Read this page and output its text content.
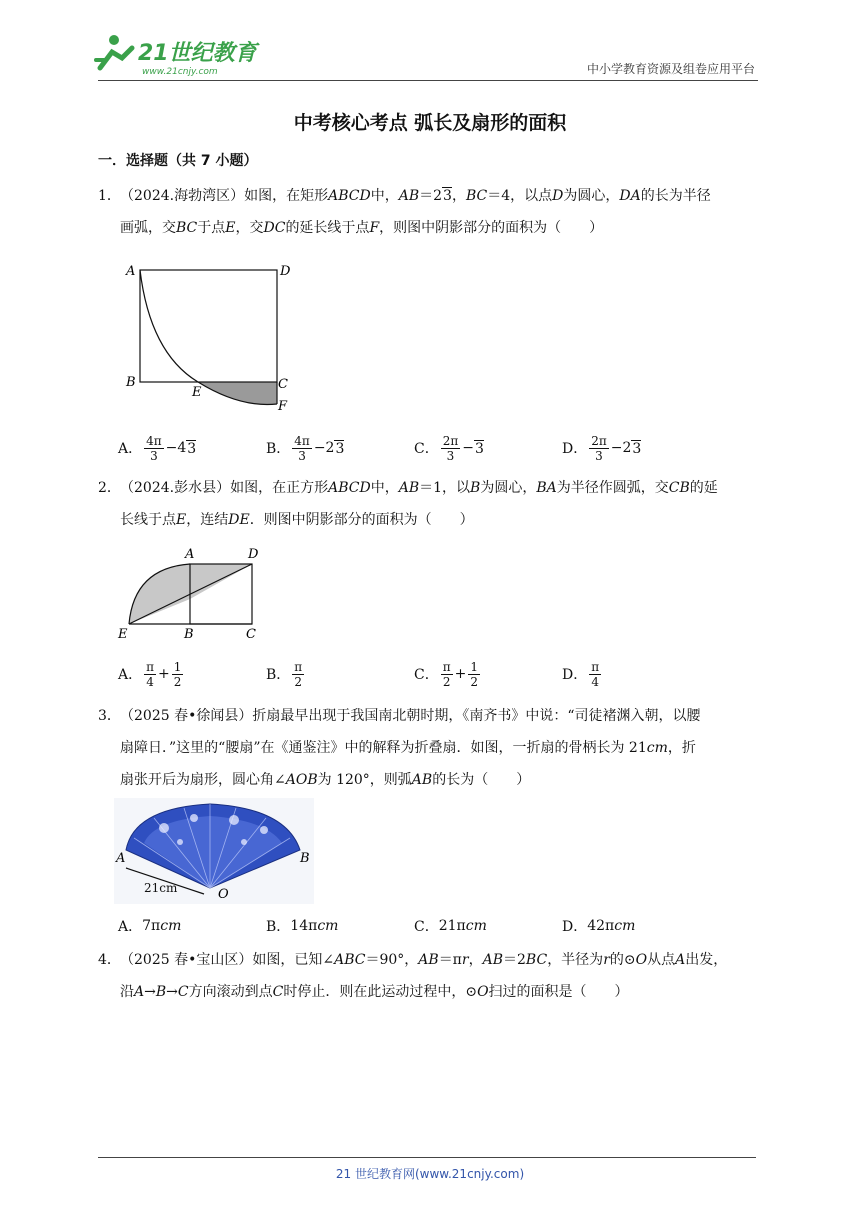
21世纪教育
www.21cnjy.com	中小学教育资源及组卷应用平台
中考核心考点 弧长及扇形的面积
一．选择题（共 7 小题）
1．（2024.海勃湾区）如图，在矩形ABCD中，AB＝23，BC＝4，以点D为圆心，DA的长为半径
画弧，交BC于点E，交DC的延长线于点F，则图中阴影部分的面积为（　　）
A	D
B	C
E
F
A． $\frac{4\pi}{3} -4$ 3	B． $\frac{4\pi}{3} -2$ 3	C． $\frac{2\pi}{3} - 3$	D． $\frac{2\pi}{3} -2$ 3
2．（2024.彭水县）如图，在正方形ABCD中，AB＝1，以B为圆心，BA为半径作圆弧，交CB的延
长线于点E，连结DE．则图中阴影部分的面积为（　　）
A	D
E	B	C
A． $\frac{\pi}{4} + \frac{1}{2}$	B． $\frac{\pi}{2}$	C． $\frac{\pi}{2} + \frac{1}{2}$	D． $\frac{\pi}{4}$
3．（2025 春•徐闻县）折扇最早出现于我国南北朝时期，《南齐书》中说：“司徒褚渊入朝，以腰
扇障日．”这里的“腰扇”在《通鉴注》中的解释为折叠扇．如图，一折扇的骨柄长为 21cm，折
扇张开后为扇形，圆心角∠AOB为 120°，则弧AB的长为（　　）
A	B
O
21cm
A． 7π cm	B． 14π cm	C． 21π cm	D． 42π cm
4．（2025 春•宝山区）如图，已知∠ABC＝90°，AB＝πr，AB＝2BC，半径为r的⊙O从点A出发，
沿A→B→C方向滚动到点C时停止．则在此运动过程中，⊙O扫过的面积是（　　）
21 世纪教育网(www.21cnjy.com)
